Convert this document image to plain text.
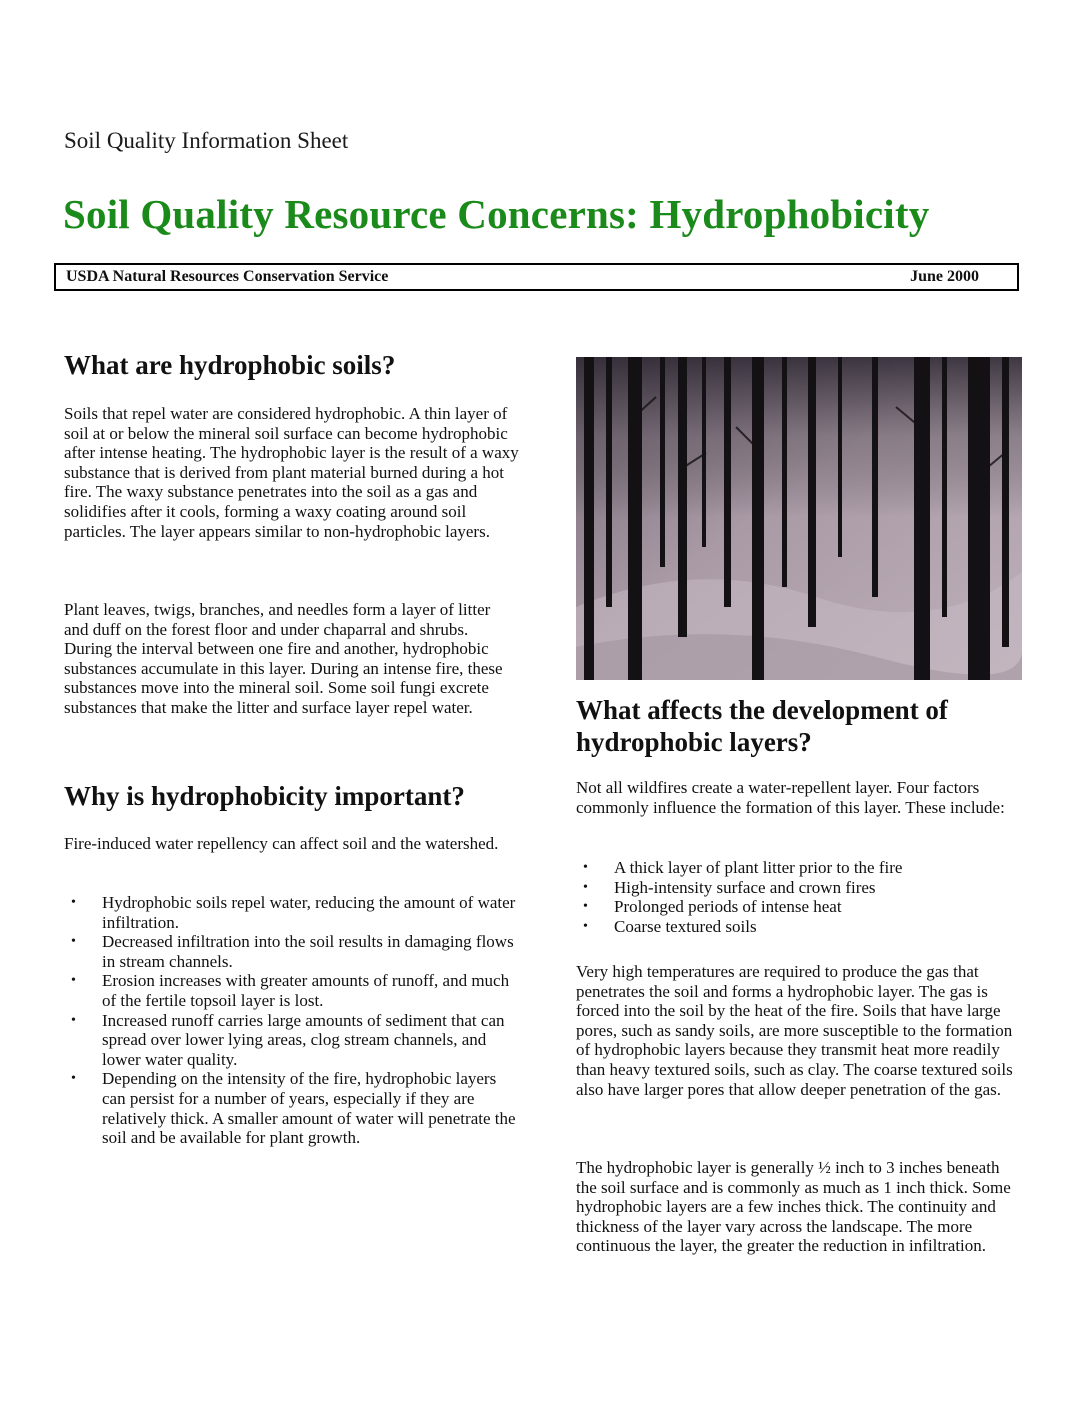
Soil Quality Information Sheet
Soil Quality Resource Concerns: Hydrophobicity
USDA Natural Resources Conservation Service	June 2000
What are hydrophobic soils?
Soils that repel water are considered hydrophobic. A thin layer of soil at or below the mineral soil surface can become hydrophobic after intense heating. The hydrophobic layer is the result of a waxy substance that is derived from plant material burned during a hot fire. The waxy substance penetrates into the soil as a gas and solidifies after it cools, forming a waxy coating around soil particles. The layer appears similar to non-hydrophobic layers.
Plant leaves, twigs, branches, and needles form a layer of litter and duff on the forest floor and under chaparral and shrubs. During the interval between one fire and another, hydrophobic substances accumulate in this layer. During an intense fire, these substances move into the mineral soil. Some soil fungi excrete substances that make the litter and surface layer repel water.
Why is hydrophobicity important?
Fire-induced water repellency can affect soil and the watershed.
• Hydrophobic soils repel water, reducing the amount of water infiltration.
• Decreased infiltration into the soil results in damaging flows in stream channels.
• Erosion increases with greater amounts of runoff, and much of the fertile topsoil layer is lost.
• Increased runoff carries large amounts of sediment that can spread over lower lying areas, clog stream channels, and lower water quality.
• Depending on the intensity of the fire, hydrophobic layers can persist for a number of years, especially if they are relatively thick. A smaller amount of water will penetrate the soil and be available for plant growth.
What affects the development of hydrophobic layers?
Not all wildfires create a water-repellent layer. Four factors commonly influence the formation of this layer. These include:
• A thick layer of plant litter prior to the fire
• High-intensity surface and crown fires
• Prolonged periods of intense heat
• Coarse textured soils
Very high temperatures are required to produce the gas that penetrates the soil and forms a hydrophobic layer. The gas is forced into the soil by the heat of the fire. Soils that have large pores, such as sandy soils, are more susceptible to the formation of hydrophobic layers because they transmit heat more readily than heavy textured soils, such as clay. The coarse textured soils also have larger pores that allow deeper penetration of the gas.
The hydrophobic layer is generally ½ inch to 3 inches beneath the soil surface and is commonly as much as 1 inch thick. Some hydrophobic layers are a few inches thick. The continuity and thickness of the layer vary across the landscape. The more continuous the layer, the greater the reduction in infiltration.
